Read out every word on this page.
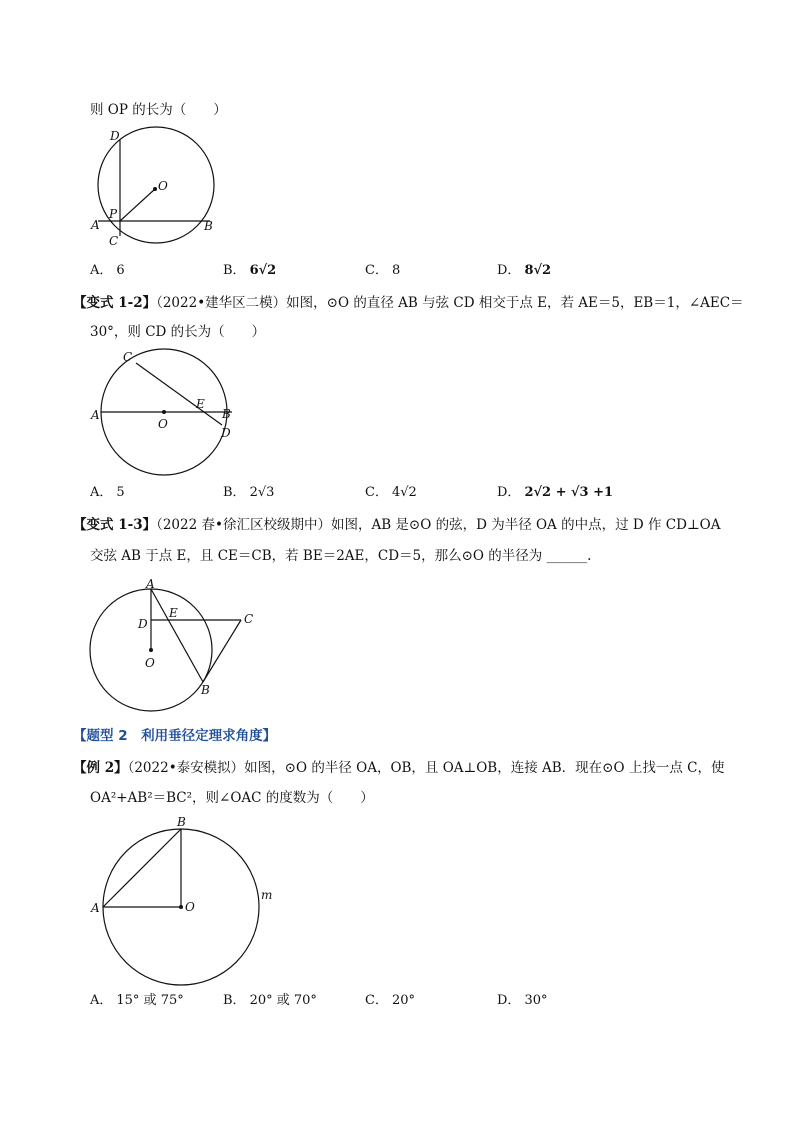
则 OP 的长为（　　）
D
O
P
A
C
B
A． 6	B． 6√2	C． 8	D． 8√2
【变式 1-2】（2022•建华区二模）如图，⊙O 的直径 AB 与弦 CD 相交于点 E，若 AE＝5，EB＝1，∠AEC＝
30°，则 CD 的长为（　　）
C
A
O
E
B
D
A． 5	B． 2√3	C． 4√2	D． 2√2 + √3 +1
【变式 1-3】（2022 春•徐汇区校级期中）如图，AB 是⊙O 的弦，D 为半径 OA 的中点，过 D 作 CD⊥OA
交弦 AB 于点 E，且 CE＝CB，若 BE＝2AE，CD＝5，那么⊙O 的半径为 ______.
A
E	C
D
O
B
【题型 2　利用垂径定理求角度】
【例 2】（2022•泰安模拟）如图，⊙O 的半径 OA，OB，且 OA⊥OB，连接 AB．现在⊙O 上找一点 C，使
OA²+AB²＝BC²，则∠OAC 的度数为（　　）
B
A	O
m
A． 15° 或 75°	B． 20° 或 70°	C． 20°	D． 30°
